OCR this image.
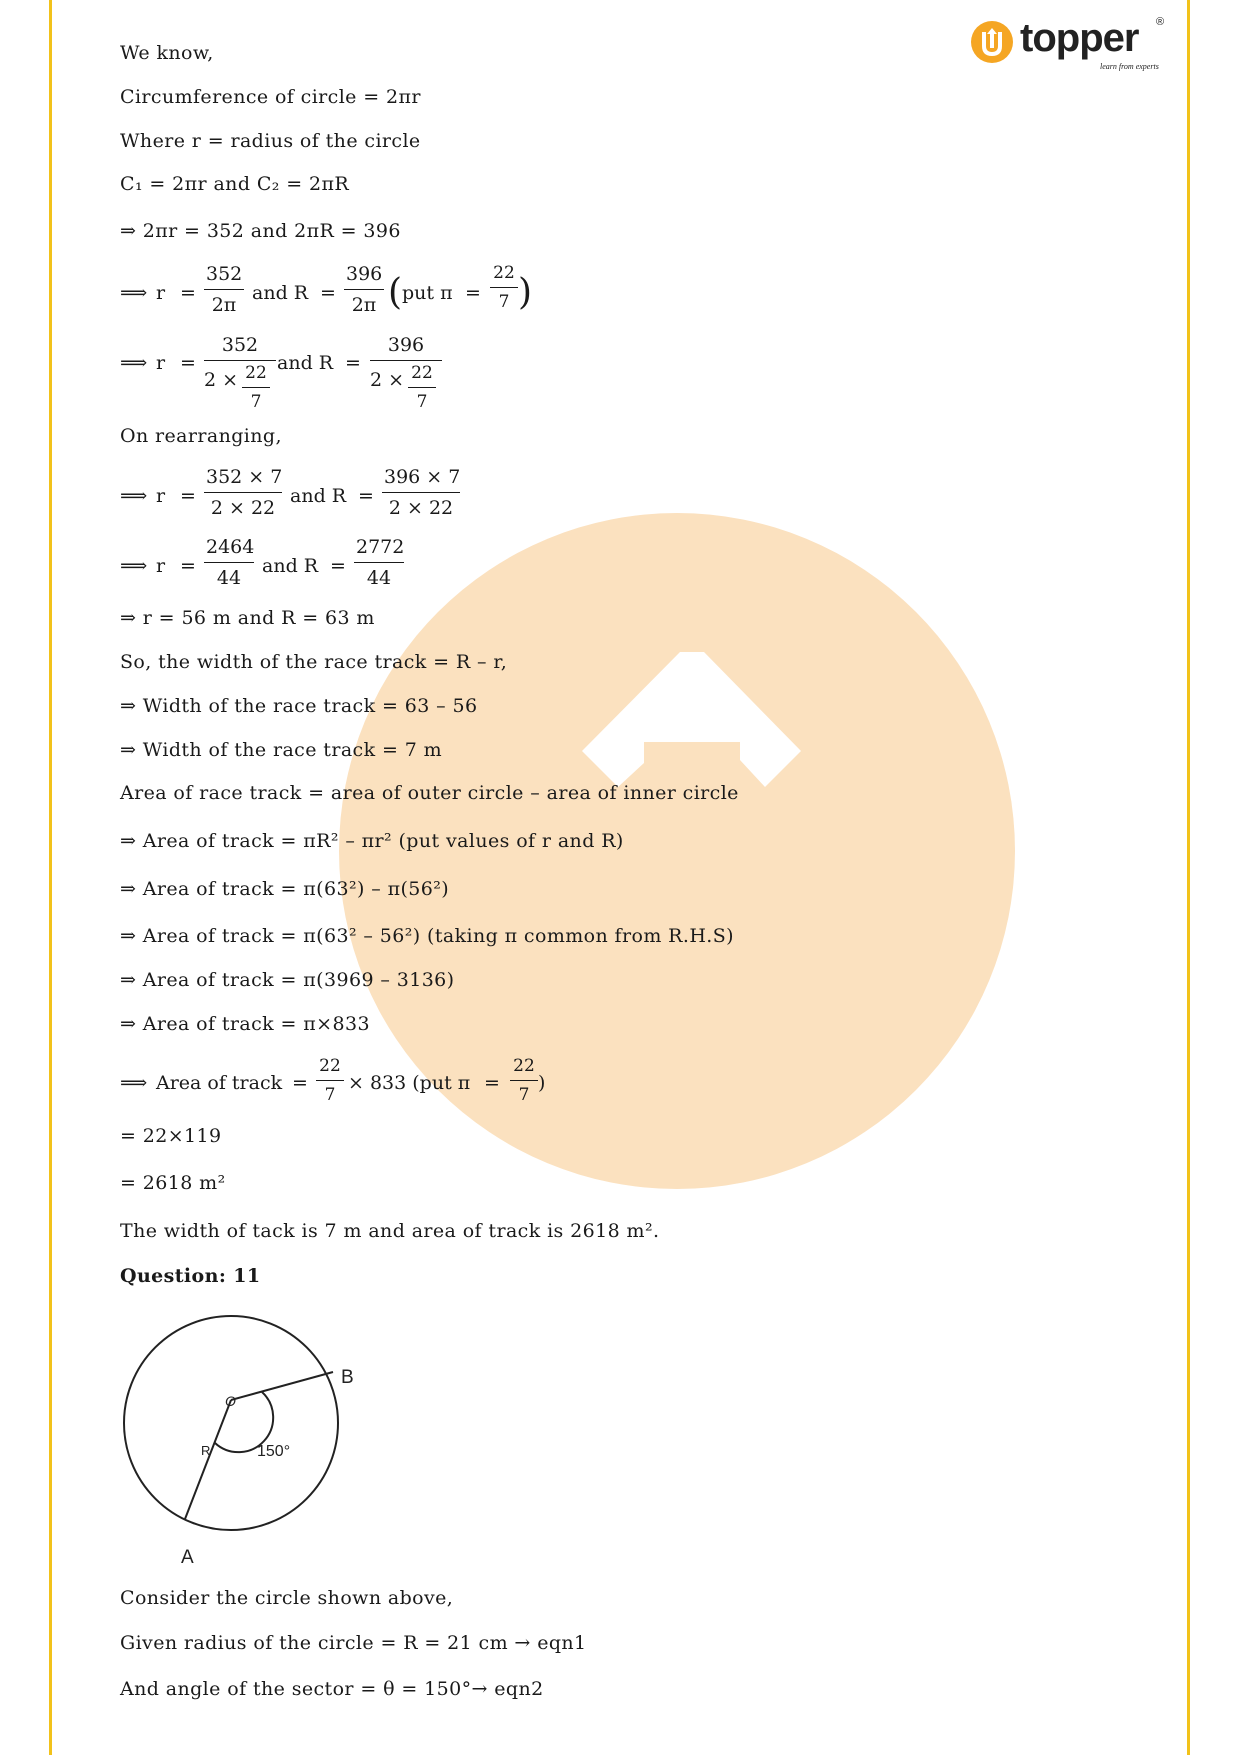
topper ®
learn from experts
We know,
Circumference of circle = 2πr
Where r = radius of the circle
C₁ = 2πr and C₂ = 2πR
⇒ 2πr = 352 and 2πR = 396
⟹ $r = \frac{352}{2\pi}$ and $R = \frac{396}{2\pi}$ ( put $\pi = \frac{22}{7}$ )
⟹ r =
352
$2 \times \frac{22}{7}$ and R =
396
$2 \times \frac{22}{7}$
On rearranging,
⟹ $r = \frac{352 \times 7}{2 \times 22}$ and $R = \frac{396 \times 7}{2 \times 22}$
⟹ $r = \frac{2464}{44}$ and $R = \frac{2772}{44}$
⇒ r = 56 m and R = 63 m
So, the width of the race track = R – r,
⇒ Width of the race track = 63 – 56
⇒ Width of the race track = 7 m
Area of race track = area of outer circle – area of inner circle
⇒ Area of track = πR² – πr² (put values of r and R)
⇒ Area of track = π(63²) – π(56²)
⇒ Area of track = π(63² – 56²) (taking π common from R.H.S)
⇒ Area of track = π(3969 – 3136)
⇒ Area of track = π×833
⟹ Area of track = $\frac{22}{7} \times 833$ (put $\pi = \frac{22}{7}$ )
= 22×119
= 2618 m²
The width of tack is 7 m and area of track is 2618 m².
Question: 11
Consider the circle shown above,
Given radius of the circle = R = 21 cm → eqn1
And angle of the sector = θ = 150°→ eqn2
B
A
O
R	150°
